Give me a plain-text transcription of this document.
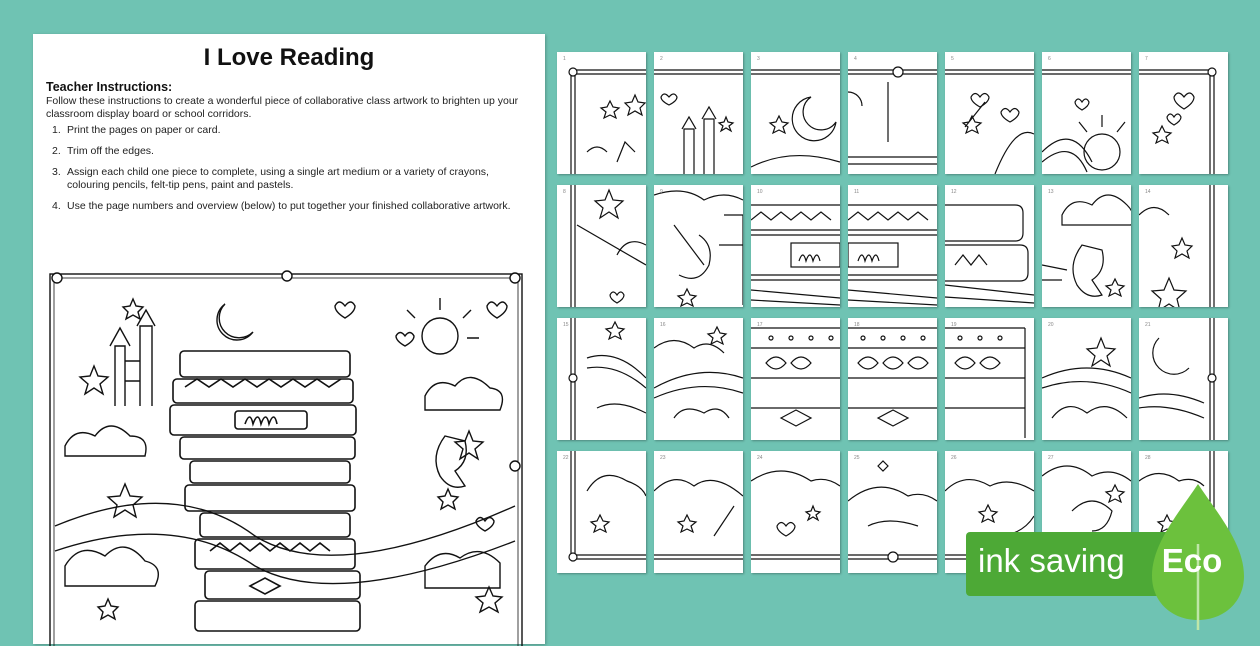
I Love Reading
Teacher Instructions:
Follow these instructions to create a wonderful piece of collaborative class artwork to brighten up your classroom display board or school corridors.
1. Print the pages on paper or card.
2. Trim off the edges.
3. Assign each child one piece to complete, using a single art medium or a variety of crayons, colouring pencils, felt-tip pens, paint and pastels.
4. Use the page numbers and overview (below) to put together your finished collaborative artwork.
1	2	3	4	5	6	7
8	9	10	11	12	13	14
15	16	17	18	19	20	21
22	23	24	25	26	27	28
ink saving Eco
